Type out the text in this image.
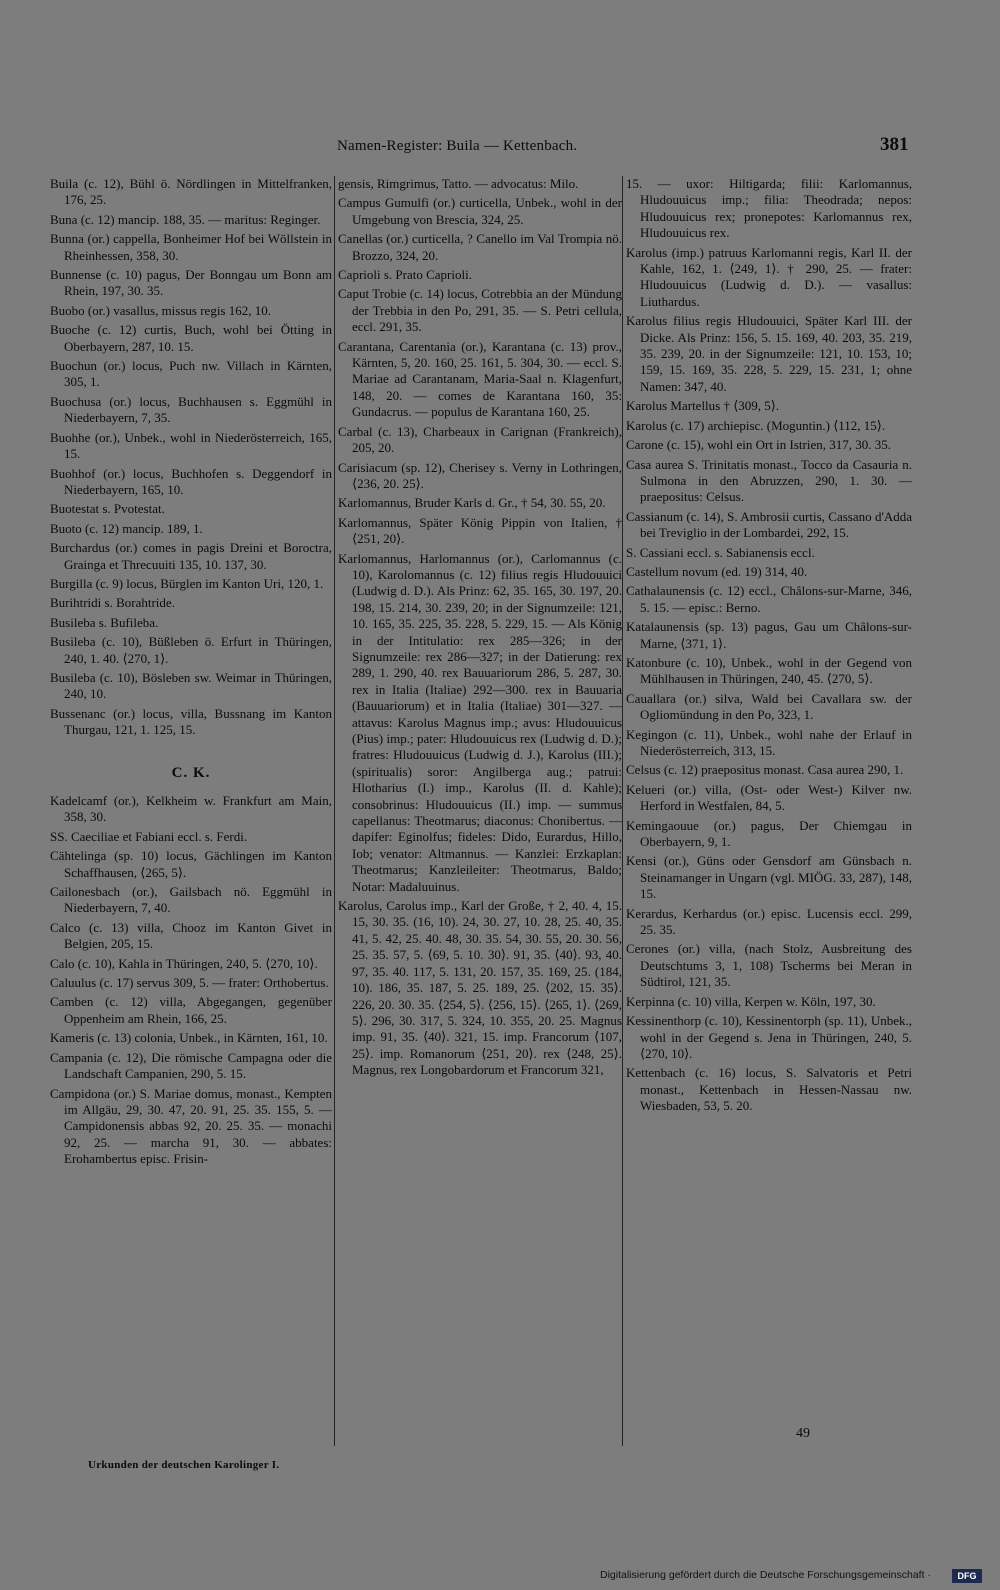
Namen-Register: Buila — Kettenbach.	381

Buila (c. 12), Bühl ö. Nördlingen in Mittelfranken, 176, 25.

Buna (c. 12) mancip. 188, 35. — maritus: Reginger.

Bunna (or.) cappella, Bonheimer Hof bei Wöllstein in Rheinhessen, 358, 30.

Bunnense (c. 10) pagus, Der Bonngau um Bonn am Rhein, 197, 30. 35.

Buobo (or.) vasallus, missus regis 162, 10.

Buoche (c. 12) curtis, Buch, wohl bei Ötting in Oberbayern, 287, 10. 15.

Buochun (or.) locus, Puch nw. Villach in Kärnten, 305, 1.

Buochusa (or.) locus, Buchhausen s. Eggmühl in Niederbayern, 7, 35.

Buohhe (or.), Unbek., wohl in Niederösterreich, 165, 15.

Buohhof (or.) locus, Buchhofen s. Deggendorf in Niederbayern, 165, 10.

Buotestat s. Pvotestat.

Buoto (c. 12) mancip. 189, 1.

Burchardus (or.) comes in pagis Dreini et Boroctra, Grainga et Threcuuiti 135, 10. 137, 30.

Burgilla (c. 9) locus, Bürglen im Kanton Uri, 120, 1.

Burihtridi s. Borahtride.

Busileba s. Bufileba.

Busileba (c. 10), Büßleben ö. Erfurt in Thüringen, 240, 1. 40. ⟨270, 1⟩.

Busileba (c. 10), Bösleben sw. Weimar in Thüringen, 240, 10.

Bussenanc (or.) locus, villa, Bussnang im Kanton Thurgau, 121, 1. 125, 15.

C. K.

Kadelcamf (or.), Kelkheim w. Frankfurt am Main, 358, 30.

SS. Caeciliae et Fabiani eccl. s. Ferdi.

Cähtelinga (sp. 10) locus, Gächlingen im Kanton Schaffhausen, ⟨265, 5⟩.

Cailonesbach (or.), Gailsbach nö. Eggmühl in Niederbayern, 7, 40.

Calco (c. 13) villa, Chooz im Kanton Givet in Belgien, 205, 15.

Calo (c. 10), Kahla in Thüringen, 240, 5. ⟨270, 10⟩.

Caluulus (c. 17) servus 309, 5. — frater: Orthobertus.

Camben (c. 12) villa, Abgegangen, gegenüber Oppenheim am Rhein, 166, 25.

Kameris (c. 13) colonia, Unbek., in Kärnten, 161, 10.

Campania (c. 12), Die römische Campagna oder die Landschaft Campanien, 290, 5. 15.

Campidona (or.) S. Mariae domus, monast., Kempten im Allgäu, 29, 30. 47, 20. 91, 25. 35. 155, 5. — Campidonensis abbas 92, 20. 25. 35. — monachi 92, 25. — marcha 91, 30. — abbates: Erohambertus episc. Frisin-

gensis, Rimgrimus, Tatto. — advocatus: Milo.

Campus Gumulfi (or.) curticella, Unbek., wohl in der Umgebung von Brescia, 324, 25.

Canellas (or.) curticella, ? Canello im Val Trompia nö. Brozzo, 324, 20.

Caprioli s. Prato Caprioli.

Caput Trobie (c. 14) locus, Cotrebbia an der Mündung der Trebbia in den Po, 291, 35. — S. Petri cellula, eccl. 291, 35.

Carantana, Carentania (or.), Karantana (c. 13) prov., Kärnten, 5, 20. 160, 25. 161, 5. 304, 30. — eccl. S. Mariae ad Carantanam, Maria-Saal n. Klagenfurt, 148, 20. — comes de Karantana 160, 35: Gundacrus. — populus de Karantana 160, 25.

Carbal (c. 13), Charbeaux in Carignan (Frankreich), 205, 20.

Carisiacum (sp. 12), Cherisey s. Verny in Lothringen, ⟨236, 20. 25⟩.

Karlomannus, Bruder Karls d. Gr., † 54, 30. 55, 20.

Karlomannus, Später König Pippin von Italien, † ⟨251, 20⟩.

Karlomannus, Harlomannus (or.), Carlomannus (c. 10), Karolomannus (c. 12) filius regis Hludouuici (Ludwig d. D.). Als Prinz: 62, 35. 165, 30. 197, 20. 198, 15. 214, 30. 239, 20; in der Signumzeile: 121, 10. 165, 35. 225, 35. 228, 5. 229, 15. — Als König in der Intitulatio: rex 285—326; in der Signumzeile: rex 286—327; in der Datierung: rex 289, 1. 290, 40. rex Bauuariorum 286, 5. 287, 30. rex in Italia (Italiae) 292—300. rex in Bauuaria (Bauuariorum) et in Italia (Italiae) 301—327. — attavus: Karolus Magnus imp.; avus: Hludouuicus (Pius) imp.; pater: Hludouuicus rex (Ludwig d. D.); fratres: Hludouuicus (Ludwig d. J.), Karolus (III.); (spiritualis) soror: Angilberga aug.; patrui: Hlotharius (I.) imp., Karolus (II. d. Kahle); consobrinus: Hludouuicus (II.) imp. — summus capellanus: Theotmarus; diaconus: Chonibertus. — dapifer: Eginolfus; fideles: Dido, Eurardus, Hillo, Iob; venator: Altmannus. — Kanzlei: Erzkaplan: Theotmarus; Kanzleileiter: Theotmarus, Baldo; Notar: Madaluuinus.

Karolus, Carolus imp., Karl der Große, † 2, 40. 4, 15. 15, 30. 35. (16, 10). 24, 30. 27, 10. 28, 25. 40, 35. 41, 5. 42, 25. 40. 48, 30. 35. 54, 30. 55, 20. 30. 56, 25. 35. 57, 5. ⟨69, 5. 10. 30⟩. 91, 35. ⟨40⟩. 93, 40. 97, 35. 40. 117, 5. 131, 20. 157, 35. 169, 25. (184, 10). 186, 35. 187, 5. 25. 189, 25. ⟨202, 15. 35⟩. 226, 20. 30. 35. ⟨254, 5⟩. ⟨256, 15⟩. ⟨265, 1⟩. ⟨269, 5⟩. 296, 30. 317, 5. 324, 10. 355, 20. 25. Magnus imp. 91, 35. ⟨40⟩. 321, 15. imp. Francorum ⟨107, 25⟩. imp. Romanorum ⟨251, 20⟩. rex ⟨248, 25⟩. Magnus, rex Longobardorum et Francorum 321,

15. — uxor: Hiltigarda; filii: Karlomannus, Hludouuicus imp.; filia: Theodrada; nepos: Hludouuicus rex; pronepotes: Karlomannus rex, Hludouuicus rex.

Karolus (imp.) patruus Karlomanni regis, Karl II. der Kahle, 162, 1. ⟨249, 1⟩. † 290, 25. — frater: Hludouuicus (Ludwig d. D.). — vasallus: Liuthardus.

Karolus filius regis Hludouuici, Später Karl III. der Dicke. Als Prinz: 156, 5. 15. 169, 40. 203, 35. 219, 35. 239, 20. in der Signumzeile: 121, 10. 153, 10; 159, 15. 169, 35. 228, 5. 229, 15. 231, 1; ohne Namen: 347, 40.

Karolus Martellus † ⟨309, 5⟩.

Karolus (c. 17) archiepisc. (Moguntin.) ⟨112, 15⟩.

Carone (c. 15), wohl ein Ort in Istrien, 317, 30. 35.

Casa aurea S. Trinitatis monast., Tocco da Casauria n. Sulmona in den Abruzzen, 290, 1. 30. — praepositus: Celsus.

Cassianum (c. 14), S. Ambrosii curtis, Cassano d'Adda bei Treviglio in der Lombardei, 292, 15.

S. Cassiani eccl. s. Sabianensis eccl.

Castellum novum (ed. 19) 314, 40.

Cathalaunensis (c. 12) eccl., Châlons-sur-Marne, 346, 5. 15. — episc.: Berno.

Katalaunensis (sp. 13) pagus, Gau um Châlons-sur-Marne, ⟨371, 1⟩.

Katonbure (c. 10), Unbek., wohl in der Gegend von Mühlhausen in Thüringen, 240, 45. ⟨270, 5⟩.

Cauallara (or.) silva, Wald bei Cavallara sw. der Ogliomündung in den Po, 323, 1.

Kegingon (c. 11), Unbek., wohl nahe der Erlauf in Niederösterreich, 313, 15.

Celsus (c. 12) praepositus monast. Casa aurea 290, 1.

Kelueri (or.) villa, (Ost- oder West-) Kilver nw. Herford in Westfalen, 84, 5.

Kemingaouue (or.) pagus, Der Chiemgau in Oberbayern, 9, 1.

Kensi (or.), Güns oder Gensdorf am Günsbach n. Steinamanger in Ungarn (vgl. MIÖG. 33, 287), 148, 15.

Kerardus, Kerhardus (or.) episc. Lucensis eccl. 299, 25. 35.

Cerones (or.) villa, (nach Stolz, Ausbreitung des Deutschtums 3, 1, 108) Tscherms bei Meran in Südtirol, 121, 35.

Kerpinna (c. 10) villa, Kerpen w. Köln, 197, 30.

Kessinenthorp (c. 10), Kessinentorph (sp. 11), Unbek., wohl in der Gegend s. Jena in Thüringen, 240, 5. ⟨270, 10⟩.

Kettenbach (c. 16) locus, S. Salvatoris et Petri monast., Kettenbach in Hessen-Nassau nw. Wiesbaden, 53, 5. 20.

49
Urkunden der deutschen Karolinger I.
Digitalisierung gefördert durch die Deutsche Forschungsgemeinschaft ·	DFG
